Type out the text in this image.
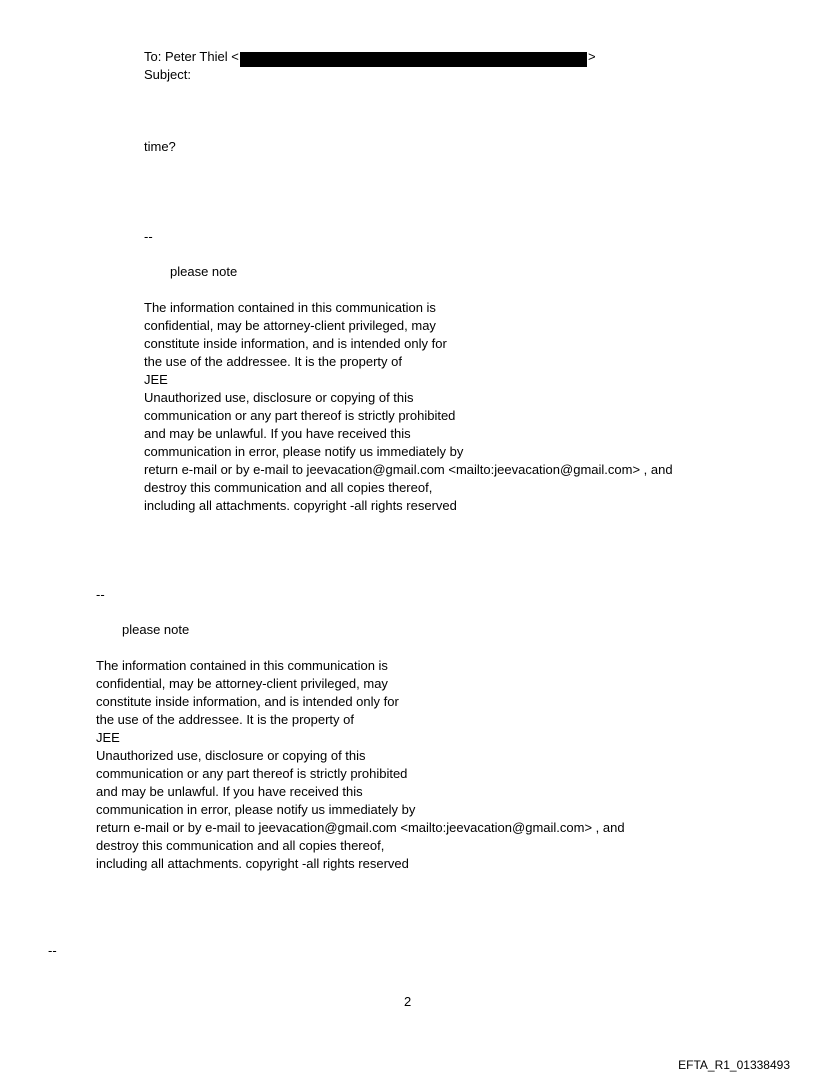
To: Peter Thiel <	>
Subject:
time?
--
please note
The information contained in this communication is
confidential, may be attorney-client privileged, may
constitute inside information, and is intended only for
the use of the addressee. It is the property of
JEE
Unauthorized use, disclosure or copying of this
communication or any part thereof is strictly prohibited
and may be unlawful. If you have received this
communication in error, please notify us immediately by
return e-mail or by e-mail to jeevacation@gmail.com <mailto:jeevacation@gmail.com> , and
destroy this communication and all copies thereof,
including all attachments. copyright -all rights reserved
--
please note
The information contained in this communication is
confidential, may be attorney-client privileged, may
constitute inside information, and is intended only for
the use of the addressee. It is the property of
JEE
Unauthorized use, disclosure or copying of this
communication or any part thereof is strictly prohibited
and may be unlawful. If you have received this
communication in error, please notify us immediately by
return e-mail or by e-mail to jeevacation@gmail.com <mailto:jeevacation@gmail.com> , and
destroy this communication and all copies thereof,
including all attachments. copyright -all rights reserved
--
2
EFTA_R1_01338493
